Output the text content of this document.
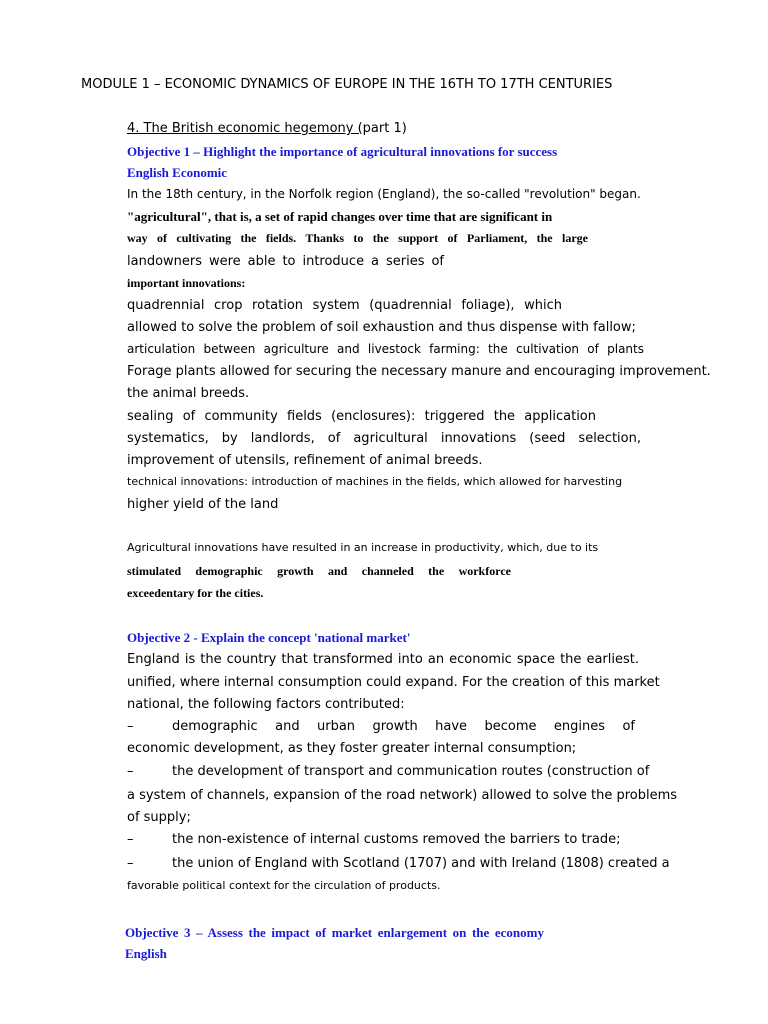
MODULE 1 – ECONOMIC DYNAMICS OF EUROPE IN THE 16TH TO 17TH CENTURIES
4. The British economic hegemony (part 1)
Objective 1 – Highlight the importance of agricultural innovations for success
English Economic
In the 18th century, in the Norfolk region (England), the so-called "revolution" began.
"agricultural", that is, a set of rapid changes over time that are significant in
way of cultivating the fields. Thanks to the support of Parliament, the large
landowners were able to introduce a series of
important innovations:
quadrennial crop rotation system (quadrennial foliage), which
allowed to solve the problem of soil exhaustion and thus dispense with fallow;
articulation between agriculture and livestock farming: the cultivation of plants
Forage plants allowed for securing the necessary manure and encouraging improvement.
the animal breeds.
sealing of community fields (enclosures): triggered the application
systematics, by landlords, of agricultural innovations (seed selection,
improvement of utensils, refinement of animal breeds.
technical innovations: introduction of machines in the fields, which allowed for harvesting
higher yield of the land
Agricultural innovations have resulted in an increase in productivity, which, due to its
stimulated demographic growth and channeled the workforce
exceedentary for the cities.
Objective 2 - Explain the concept 'national market'
England is the country that transformed into an economic space the earliest.
unified, where internal consumption could expand. For the creation of this market
national, the following factors contributed:
–	demographic and urban growth have become engines of
economic development, as they foster greater internal consumption;
–	the development of transport and communication routes (construction of
a system of channels, expansion of the road network) allowed to solve the problems
of supply;
–	the non-existence of internal customs removed the barriers to trade;
–	the union of England with Scotland (1707) and with Ireland (1808) created a
favorable political context for the circulation of products.
Objective 3 – Assess the impact of market enlargement on the economy
English
